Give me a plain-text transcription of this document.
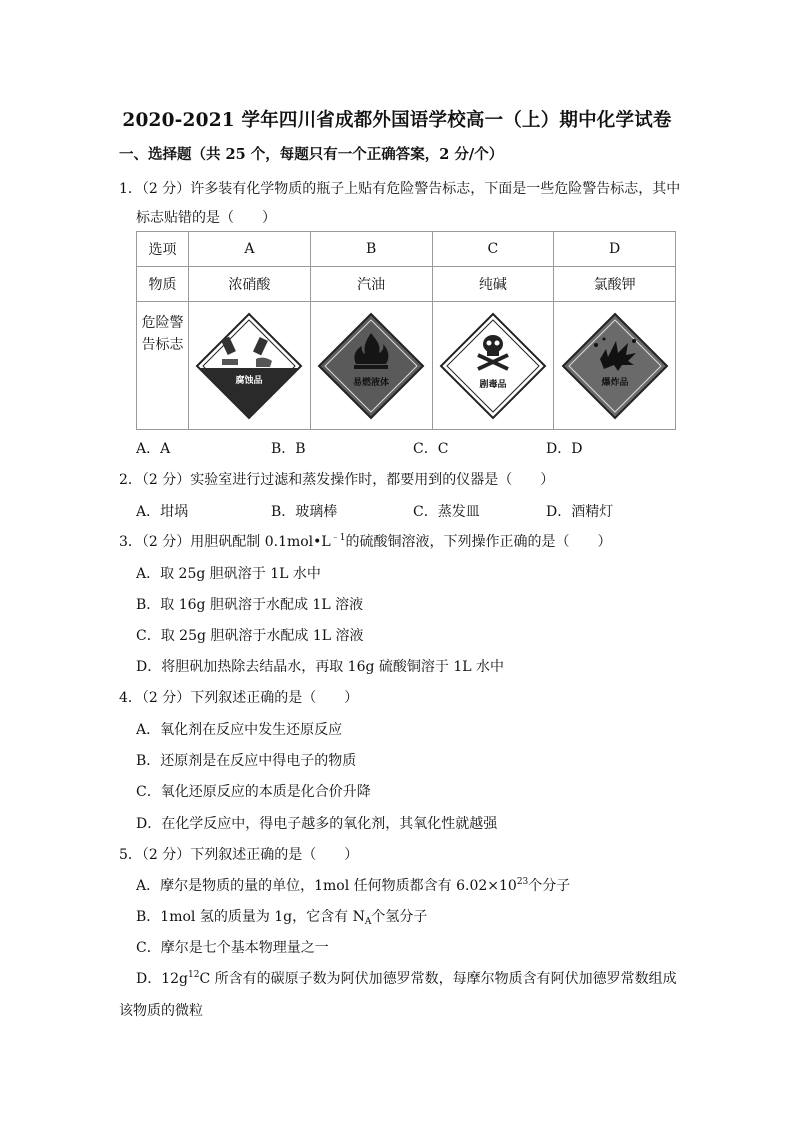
2020-2021 学年四川省成都外国语学校高一（上）期中化学试卷
一、选择题（共 25 个，每题只有一个正确答案，2 分/个）
1．（2 分）许多装有化学物质的瓶子上贴有危险警告标志，下面是一些危险警告标志，其中
标志贴错的是（　　）
选项	A	B	C	D
物质	浓硝酸	汽油	纯碱	氯酸钾

危险警
告标志	腐蚀品	易燃液体	剧毒品	爆炸品
A．A	B．B	C．C	D．D
2．（2 分）实验室进行过滤和蒸发操作时，都要用到的仪器是（　　）
A．坩埚	B．玻璃棒	C．蒸发皿	D．酒精灯
3．（2 分）用胆矾配制 $0.1mol•L^{﹣1}$的硫酸铜溶液，下列操作正确的是（　　）
A．取 25g 胆矾溶于 1L 水中
B．取 16g 胆矾溶于水配成 1L 溶液
C．取 25g 胆矾溶于水配成 1L 溶液
D．将胆矾加热除去结晶水，再取 16g 硫酸铜溶于 1L 水中
4．（2 分）下列叙述正确的是（　　）
A．氧化剂在反应中发生还原反应
B．还原剂是在反应中得电子的物质
C．氧化还原反应的本质是化合价升降
D．在化学反应中，得电子越多的氧化剂，其氧化性就越强
5．（2 分）下列叙述正确的是（　　）
A．摩尔是物质的量的单位，1mol 任何物质都含有 $6.02\times 10^{23}$个分子
B．1mol 氢的质量为 1g，它含有 $N_A$个氢分子
C．摩尔是七个基本物理量之一
D．$12g^{12}C$ 所含有的碳原子数为阿伏加德罗常数，每摩尔物质含有阿伏加德罗常数组成
该物质的微粒
